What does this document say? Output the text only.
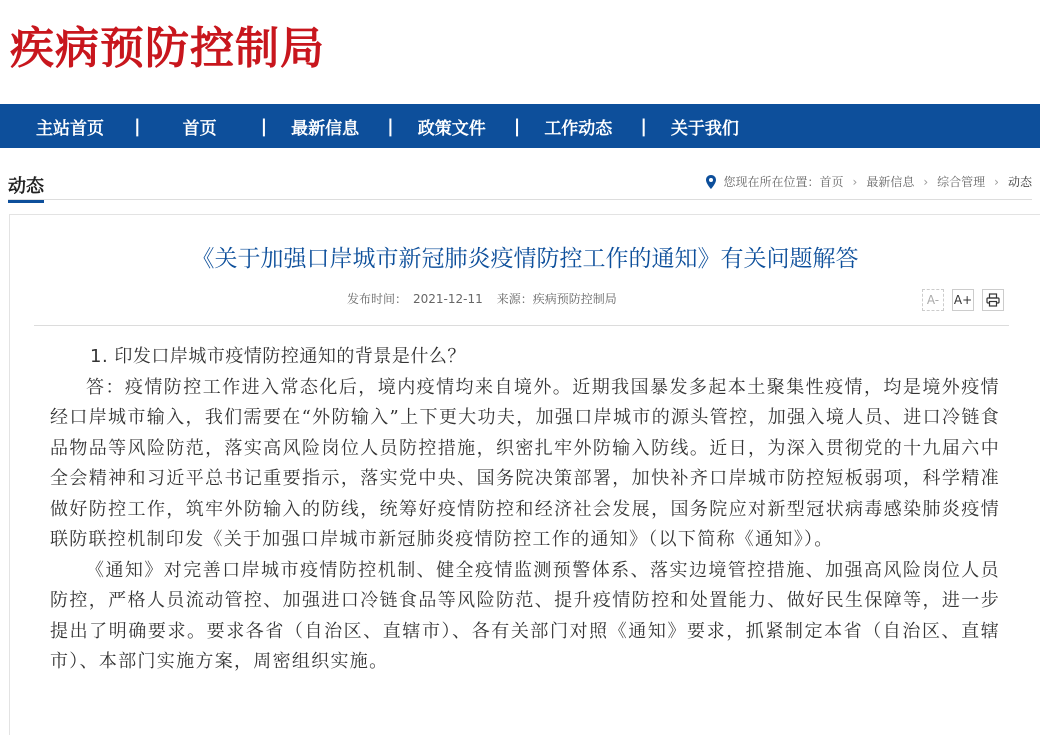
疾病预防控制局
主站首页 | 首页 | 最新信息 | 政策文件 | 工作动态 | 关于我们
动态	您现在所在位置： 首页 › 最新信息 › 综合管理 › 动态
《关于加强口岸城市新冠肺炎疫情防控工作的通知》有关问题解答
发布时间： 2021-12-11 来源：疾病预防控制局	A-	A+

1. 印发口岸城市疫情防控通知的背景是什么？

答：疫情防控工作进入常态化后，境内疫情均来自境外。近期我国暴发多起本土聚集性疫情，均是境外疫情经口岸城市输入，我们需要在“外防输入”上下更大功夫，加强口岸城市的源头管控，加强入境人员、进口冷链食品物品等风险防范，落实高风险岗位人员防控措施，织密扎牢外防输入防线。近日，为深入贯彻党的十九届六中全会精神和习近平总书记重要指示，落实党中央、国务院决策部署，加快补齐口岸城市防控短板弱项，科学精准做好防控工作，筑牢外防输入的防线，统筹好疫情防控和经济社会发展，国务院应对新型冠状病毒感染肺炎疫情联防联控机制印发《关于加强口岸城市新冠肺炎疫情防控工作的通知》（以下简称《通知》）。

《通知》对完善口岸城市疫情防控机制、健全疫情监测预警体系、落实边境管控措施、加强高风险岗位人员防控，严格人员流动管控、加强进口冷链食品等风险防范、提升疫情防控和处置能力、做好民生保障等，进一步提出了明确要求。要求各省（自治区、直辖市）、各有关部门对照《通知》要求，抓紧制定本省（自治区、直辖市）、本部门实施方案，周密组织实施。
